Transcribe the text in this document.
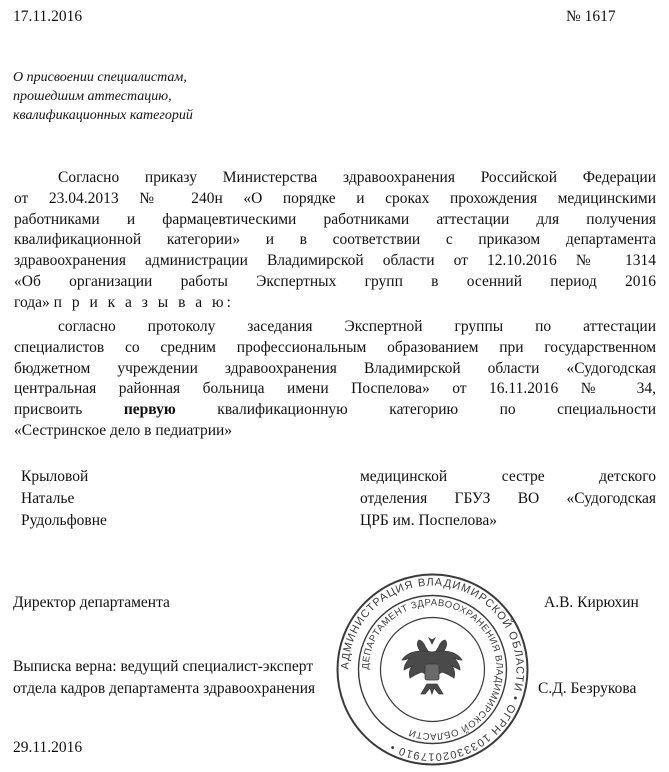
17.11.2016	№ 1617
О присвоении специалистам,
прошедшим аттестацию,
квалификационных категорий
Согласно приказу Министерства здравоохранения Российской Федерации
от 23.04.2013 № 240н «О порядке и сроках прохождения медицинскими
работниками и фармацевтическими работниками аттестации для получения
квалификационной категории» и в соответствии с приказом департамента
здравоохранения администрации Владимирской области от 12.10.2016 № 1314
«Об организации работы Экспертных групп в осенний период 2016
года» п р и к а з ы в а ю:
согласно протоколу заседания Экспертной группы по аттестации
специалистов со средним профессиональным образованием при государственном
бюджетном учреждении здравоохранения Владимирской области «Судогодская
центральная районная больница имени Поспелова» от 16.11.2016 № 34,
присвоить	первую	квалификационную категорию по специальности
«Сестринское дело в педиатрии»
Крыловой
Наталье
Рудольфовне
медицинской сестре детского
отделения ГБУЗ ВО «Судогодская
ЦРБ им. Поспелова»
Директор департамента	А.В. Кирюхин
Выписка верна: ведущий специалист-эксперт
отдела кадров департамента здравоохранения	С.Д. Безрукова
29.11.2016
АДМИНИСТРАЦИЯ ВЛАДИМИРСКОЙ ОБЛАСТИ • ОГРН 1033302017910 •
ДЕПАРТАМЕНТ ЗДРАВООХРАНЕНИЯ ВЛАДИМИРСКОЙ ОБЛАСТИ
